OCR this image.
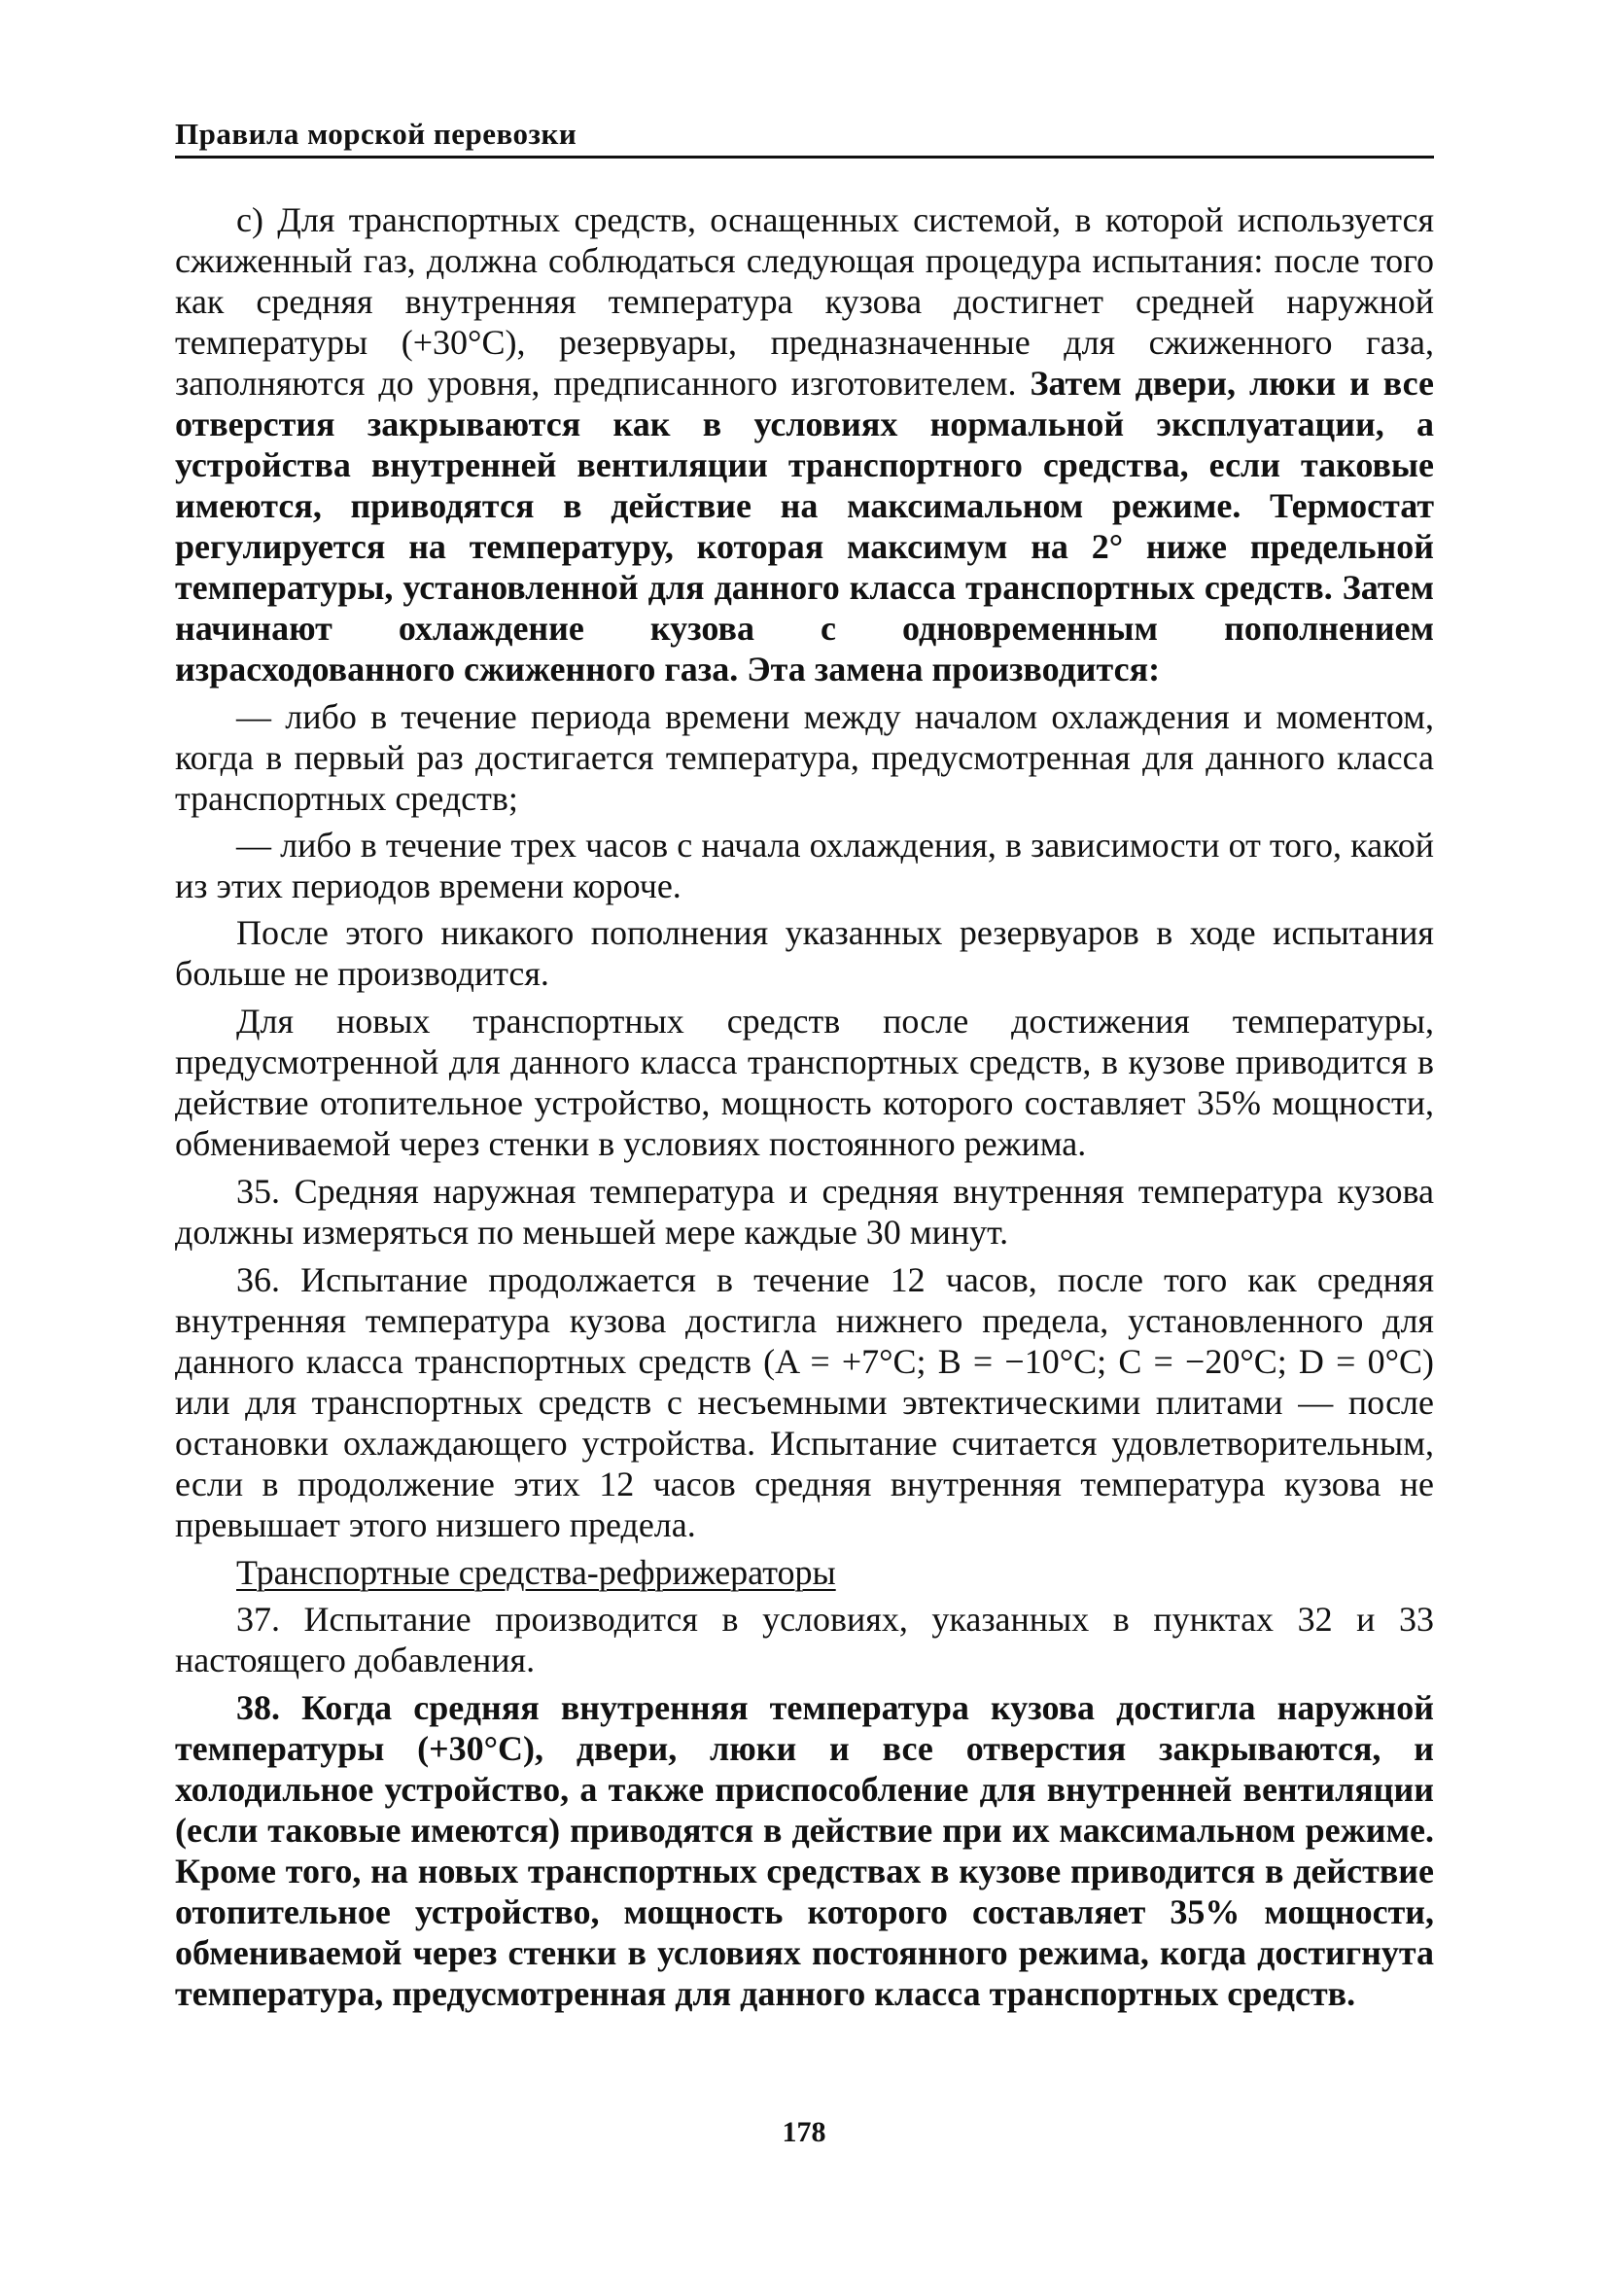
Правила морской перевозки

с) Для транспортных средств, оснащенных системой, в которой используется сжиженный газ, должна соблюдаться следующая процедура испытания: после того как средняя внутренняя температура кузова достигнет средней наружной температуры (+30°C), резервуары, предназначенные для сжиженного газа, заполняются до уровня, предписанного изготовителем. Затем двери, люки и все отверстия закрываются как в условиях нормальной эксплуатации, а устройства внутренней вентиляции транспортного средства, если таковые имеются, приводятся в действие на максимальном режиме. Термостат регулируется на температуру, которая максимум на 2° ниже предельной температуры, установленной для данного класса транспортных средств. Затем начинают охлаждение кузова с одновременным пополнением израсходованного сжиженного газа. Эта замена производится:

— либо в течение периода времени между началом охлаждения и моментом, когда в первый раз достигается температура, предусмотренная для данного класса транспортных средств;

— либо в течение трех часов с начала охлаждения, в зависимости от того, какой из этих периодов времени короче.

После этого никакого пополнения указанных резервуаров в ходе испытания больше не производится.

Для новых транспортных средств после достижения температуры, предусмотренной для данного класса транспортных средств, в кузове приводится в действие отопительное устройство, мощность которого составляет 35% мощности, обмениваемой через стенки в условиях постоянного режима.

35. Средняя наружная температура и средняя внутренняя температура кузова должны измеряться по меньшей мере каждые 30 минут.

36. Испытание продолжается в течение 12 часов, после того как средняя внутренняя температура кузова достигла нижнего предела, установленного для данного класса транспортных средств (A = +7°C; B = −10°C; C = −20°C; D = 0°C) или для транспортных средств с несъемными эвтектическими плитами — после остановки охлаждающего устройства. Испытание считается удовлетворительным, если в продолжение этих 12 часов средняя внутренняя температура кузова не превышает этого низшего предела.

Транспортные средства-рефрижераторы

37. Испытание производится в условиях, указанных в пунктах 32 и 33 настоящего добавления.

38. Когда средняя внутренняя температура кузова достигла наружной температуры (+30°C), двери, люки и все отверстия закрываются, и холодильное устройство, а также приспособление для внутренней вентиляции (если таковые имеются) приводятся в действие при их максимальном режиме. Кроме того, на новых транспортных средствах в кузове приводится в действие отопительное устройство, мощность которого составляет 35% мощности, обмениваемой через стенки в условиях постоянного режима, когда достигнута температура, предусмотренная для данного класса транспортных средств.

178
